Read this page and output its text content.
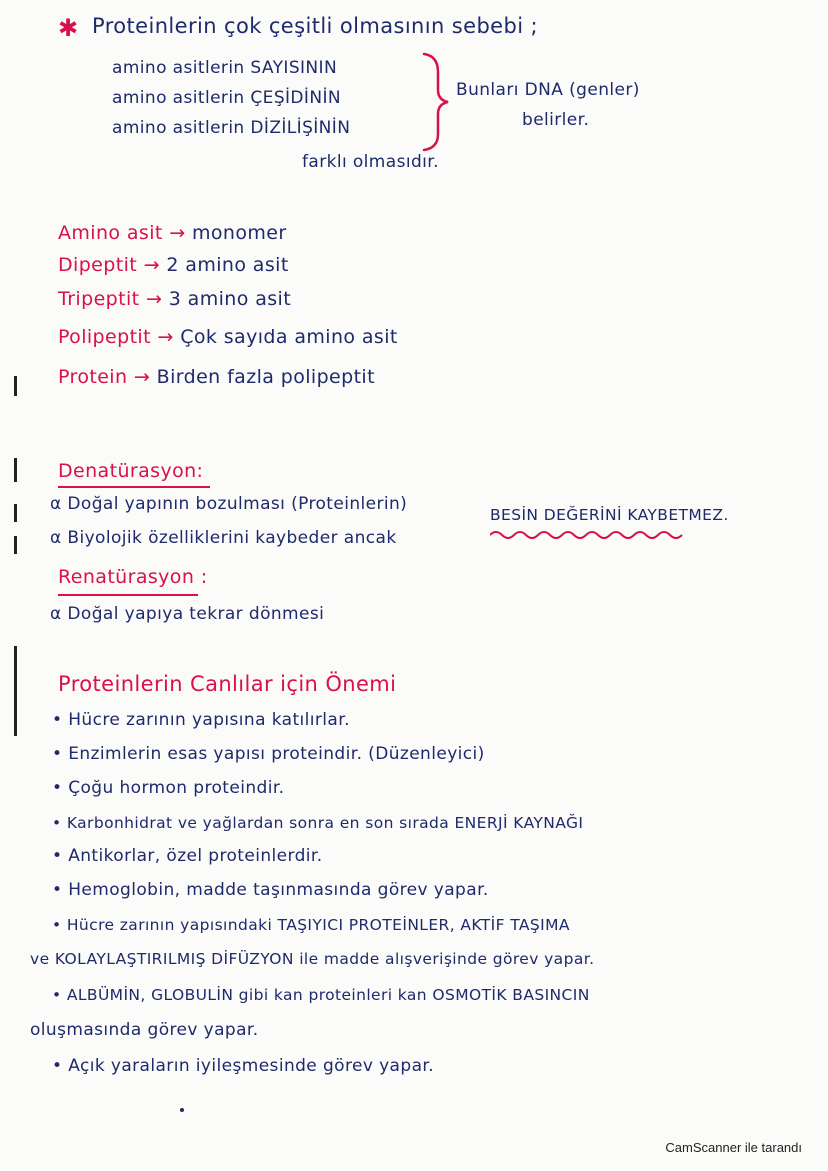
✱ Proteinlerin çok çeşitli olmasının sebebi ;
amino asitlerin SAYISININ
amino asitlerin ÇEŞİDİNİN
amino asitlerin DİZİLİŞİNİN
farklı olmasıdır.
Bunları DNA (genler)
belirler.
Amino asit → monomer
Dipeptit → 2 amino asit
Tripeptit → 3 amino asit
Polipeptit → Çok sayıda amino asit
Protein → Birden fazla polipeptit
Denatürasyon:
α Doğal yapının bozulması (Proteinlerin)
α Biyolojik özelliklerini kaybeder ancak
BESİN DEĞERİNİ KAYBETMEZ.
Renatürasyon :
α Doğal yapıya tekrar dönmesi
Proteinlerin Canlılar için Önemi
• Hücre zarının yapısına katılırlar.
• Enzimlerin esas yapısı proteindir. (Düzenleyici)
• Çoğu hormon proteindir.
• Karbonhidrat ve yağlardan sonra en son sırada ENERJİ KAYNAĞI
• Antikorlar, özel proteinlerdir.
• Hemoglobin, madde taşınmasında görev yapar.
• Hücre zarının yapısındaki TAŞIYICI PROTEİNLER, AKTİF TAŞIMA
ve KOLAYLAŞTIRILMIŞ DİFÜZYON ile madde alışverişinde görev yapar.
• ALBÜMİN, GLOBULİN gibi kan proteinleri kan OSMOTİK BASINCIN
oluşmasında görev yapar.
• Açık yaraların iyileşmesinde görev yapar.
CamScanner ile tarandı
